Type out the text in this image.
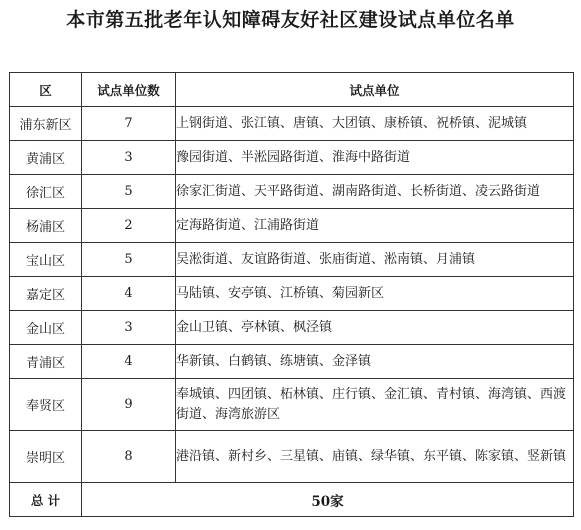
本市第五批老年认知障碍友好社区建设试点单位名单
区	试点单位数	试点单位
浦东新区	7	上钢街道、张江镇、唐镇、大团镇、康桥镇、祝桥镇、泥城镇
黄浦区	3	豫园街道、半淞园路街道、淮海中路街道
徐汇区	5	徐家汇街道、天平路街道、湖南路街道、长桥街道、凌云路街道
杨浦区	2	定海路街道、江浦路街道
宝山区	5	吴淞街道、友谊路街道、张庙街道、淞南镇、月浦镇
嘉定区	4	马陆镇、安亭镇、江桥镇、菊园新区
金山区	3	金山卫镇、亭林镇、枫泾镇
青浦区	4	华新镇、白鹤镇、练塘镇、金泽镇
奉贤区	9	奉城镇、四团镇、柘林镇、庄行镇、金汇镇、青村镇、海湾镇、西渡街道、海湾旅游区
崇明区	8	港沿镇、新村乡、三星镇、庙镇、绿华镇、东平镇、陈家镇、竖新镇
总 计	50家	
